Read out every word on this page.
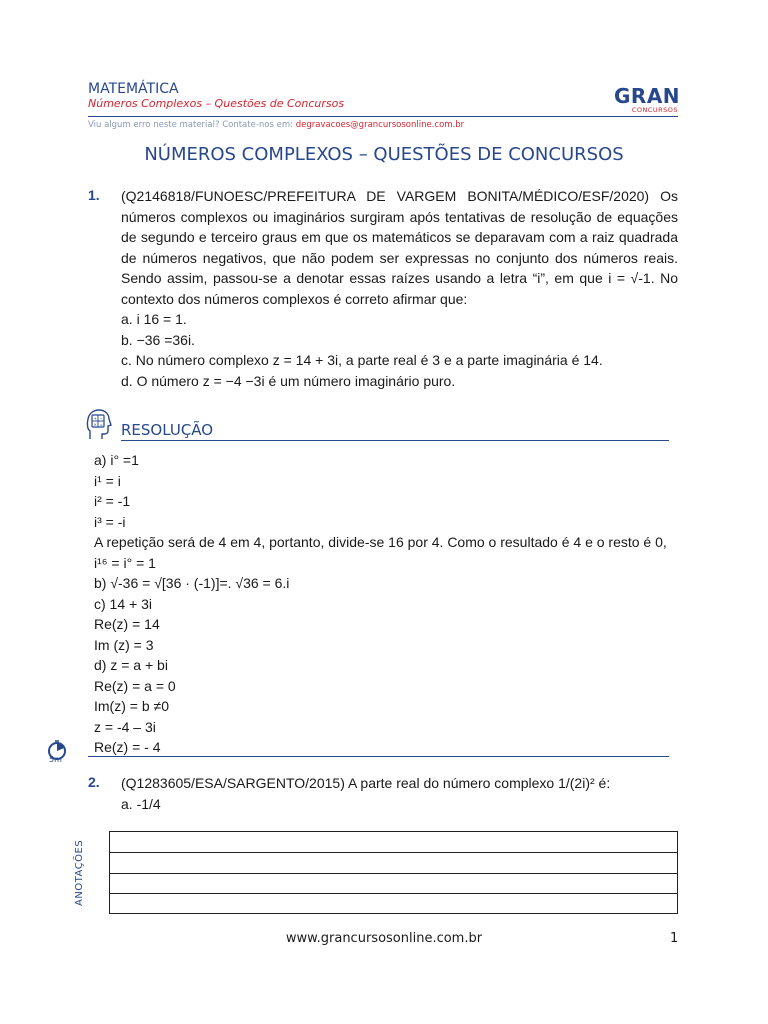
MATEMÁTICA
Números Complexos – Questões de Concursos	GRAN
CONCURSOS
Viu algum erro neste material? Contate-nos em: degravacoes@grancursosonline.com.br
NÚMEROS COMPLEXOS – QUESTÕES DE CONCURSOS
1. (Q2146818/FUNOESC/PREFEITURA DE VARGEM BONITA/MÉDICO/ESF/2020) Os números complexos ou imaginários surgiram após tentativas de resolução de equações de segundo e terceiro graus em que os matemáticos se deparavam com a raiz quadrada de números negativos, que não podem ser expressas no conjunto dos números reais. Sendo assim, passou-se a denotar essas raízes usando a letra “i”, em que i = √-1. No contexto dos números complexos é correto afirmar que:
a. i 16 = 1.
b. −36 =36i.
c. No número complexo z = 14 + 3i, a parte real é 3 e a parte imaginária é 14.
d. O número z = −4 −3i é um número imaginário puro.
+ −
× = RESOLUÇÃO
a) i° =1
i¹ = i
i² = -1
i³ = -i
A repetição será de 4 em 4, portanto, divide-se 16 por 4. Como o resultado é 4 e o resto é 0, i¹⁶ = i° = 1
b) √-36 = √[36 · (-1)]=. √36 = 6.i
c) 14 + 3i
Re(z) = 14
Im (z) = 3
d) z = a + bi
Re(z) = a = 0
Im(z) = b ≠0
z = -4 – 3i
Re(z) = - 4
5m
2. (Q1283605/ESA/SARGENTO/2015) A parte real do número complexo 1/(2i)² é:
a. -1/4
ANOTAÇÕES
www.grancursosonline.com.br	1
